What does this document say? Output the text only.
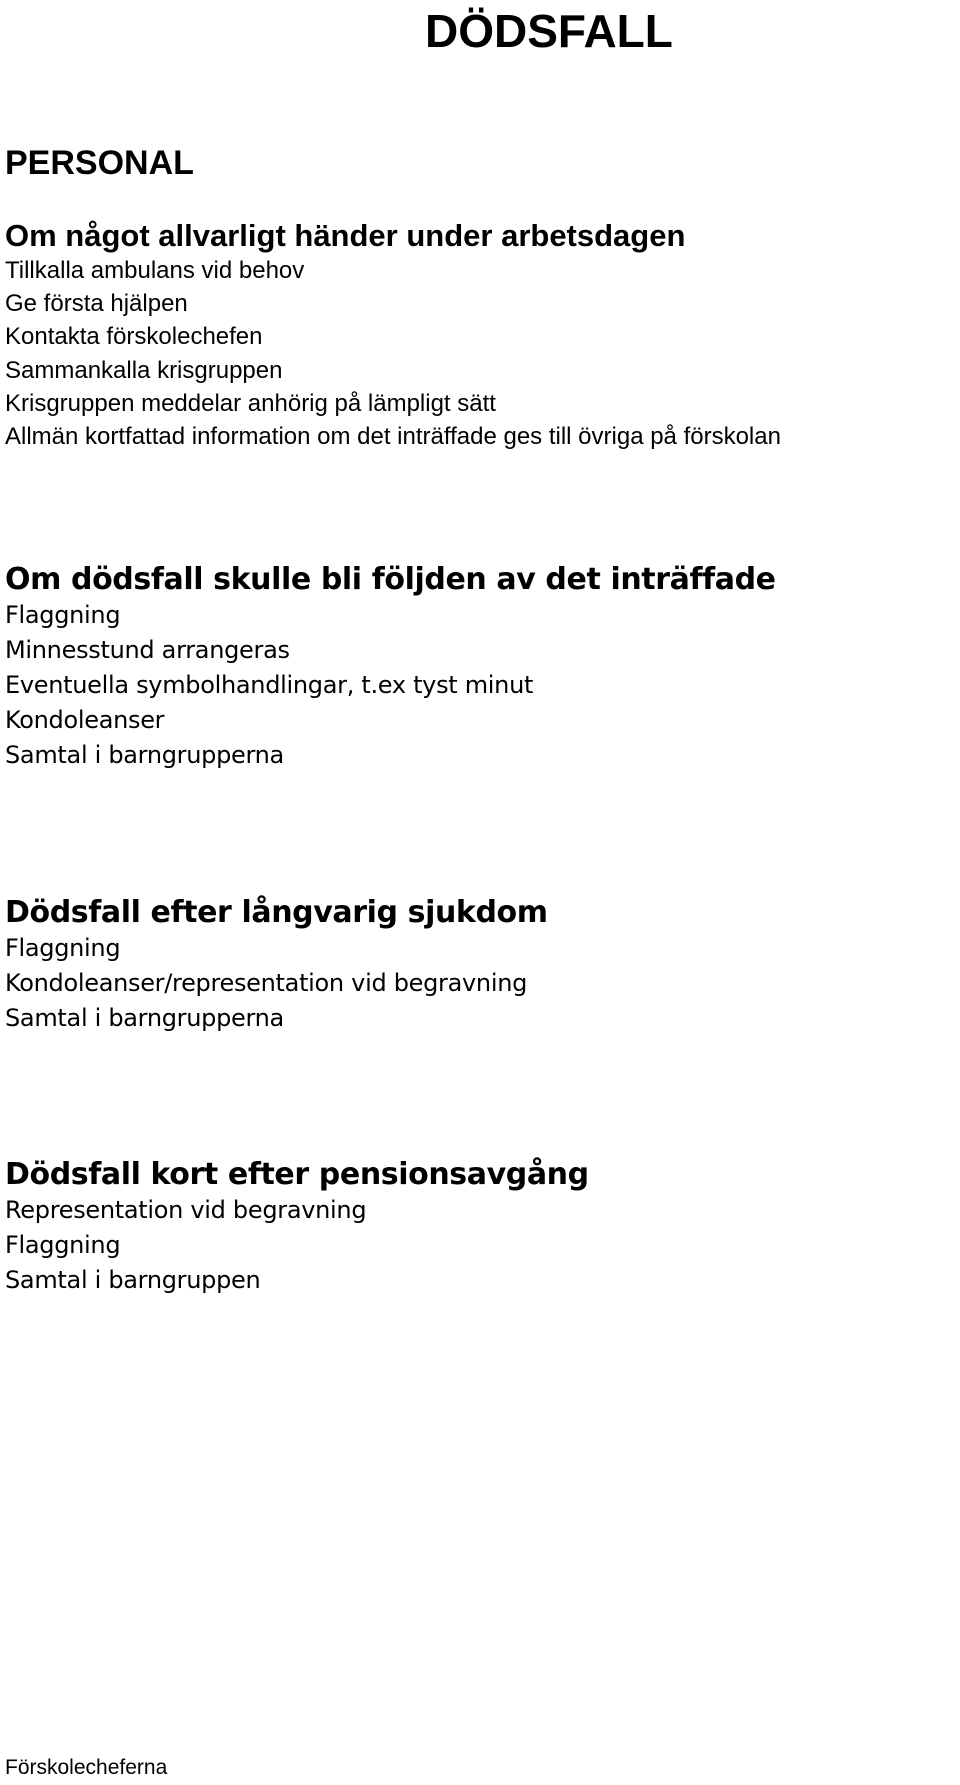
DÖDSFALL
PERSONAL
Om något allvarligt händer under arbetsdagen
Tillkalla ambulans vid behov
Ge första hjälpen
Kontakta förskolechefen
Sammankalla krisgruppen
Krisgruppen meddelar anhörig på lämpligt sätt
Allmän kortfattad information om det inträffade ges till övriga på förskolan
Om dödsfall skulle bli följden av det inträffade
Flaggning
Minnesstund arrangeras
Eventuella symbolhandlingar, t.ex tyst minut
Kondoleanser
Samtal i barngrupperna
Dödsfall efter långvarig sjukdom
Flaggning
Kondoleanser/representation vid begravning
Samtal i barngrupperna
Dödsfall kort efter pensionsavgång
Representation vid begravning
Flaggning
Samtal i barngruppen

Förskolecheferna
